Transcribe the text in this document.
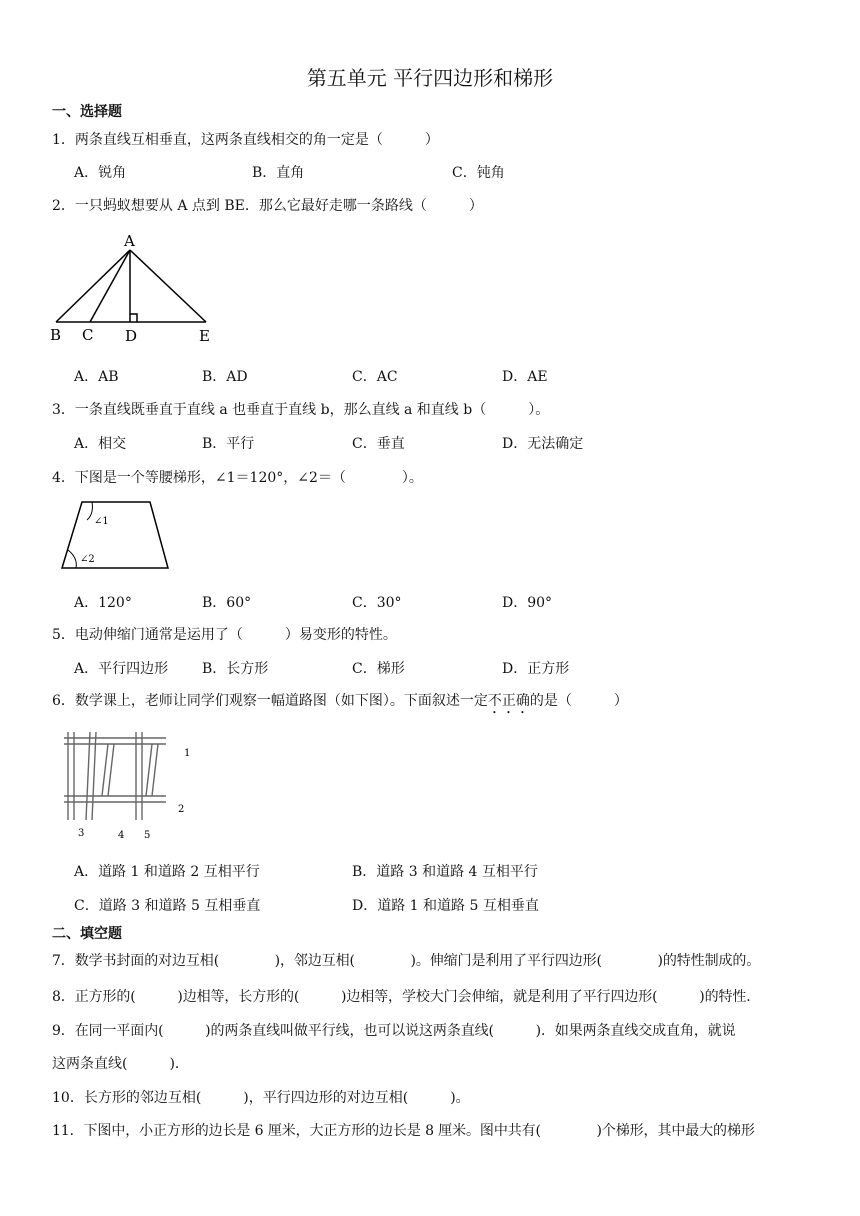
第五单元 平行四边形和梯形
一、选择题
1．两条直线互相垂直，这两条直线相交的角一定是（　　　）
A．锐角	B．直角	C．钝角
2．一只蚂蚁想要从 A 点到 BE．那么它最好走哪一条路线（　　　）
A
B C D	E
A．AB	B．AD	C．AC	D．AE
3．一条直线既垂直于直线 a 也垂直于直线 b，那么直线 a 和直线 b（　　　）。
A．相交	B．平行	C．垂直	D．无法确定
4．下图是一个等腰梯形，∠1＝120°，∠2＝（　　　　）。
∠1
∠2
A．120°	B．60°	C．30°	D．90°
5．电动伸缩门通常是运用了（　　　）易变形的特性。
A．平行四边形 B．长方形	C．梯形	D．正方形
6．数学课上，老师让同学们观察一幅道路图（如下图）。下面叙述一定不正确的是（　　　）
1
2
3	4 5
A．道路 1 和道路 2 互相平行	B．道路 3 和道路 4 互相平行
C．道路 3 和道路 5 互相垂直	D．道路 1 和道路 5 互相垂直
二、填空题
7．数学书封面的对边互相(　　　　)，邻边互相(　　　　)。伸缩门是利用了平行四边形(　　　　)的特性制成的。
8．正方形的(　　　)边相等，长方形的(　　　)边相等，学校大门会伸缩，就是利用了平行四边形(　　　)的特性．
9．在同一平面内(　　　)的两条直线叫做平行线，也可以说这两条直线(　　　)．如果两条直线交成直角，就说
这两条直线(　　　)．
10．长方形的邻边互相(　　　)，平行四边形的对边互相(　　　)。
11．下图中，小正方形的边长是 6 厘米，大正方形的边长是 8 厘米。图中共有(　　　　)个梯形，其中最大的梯形
